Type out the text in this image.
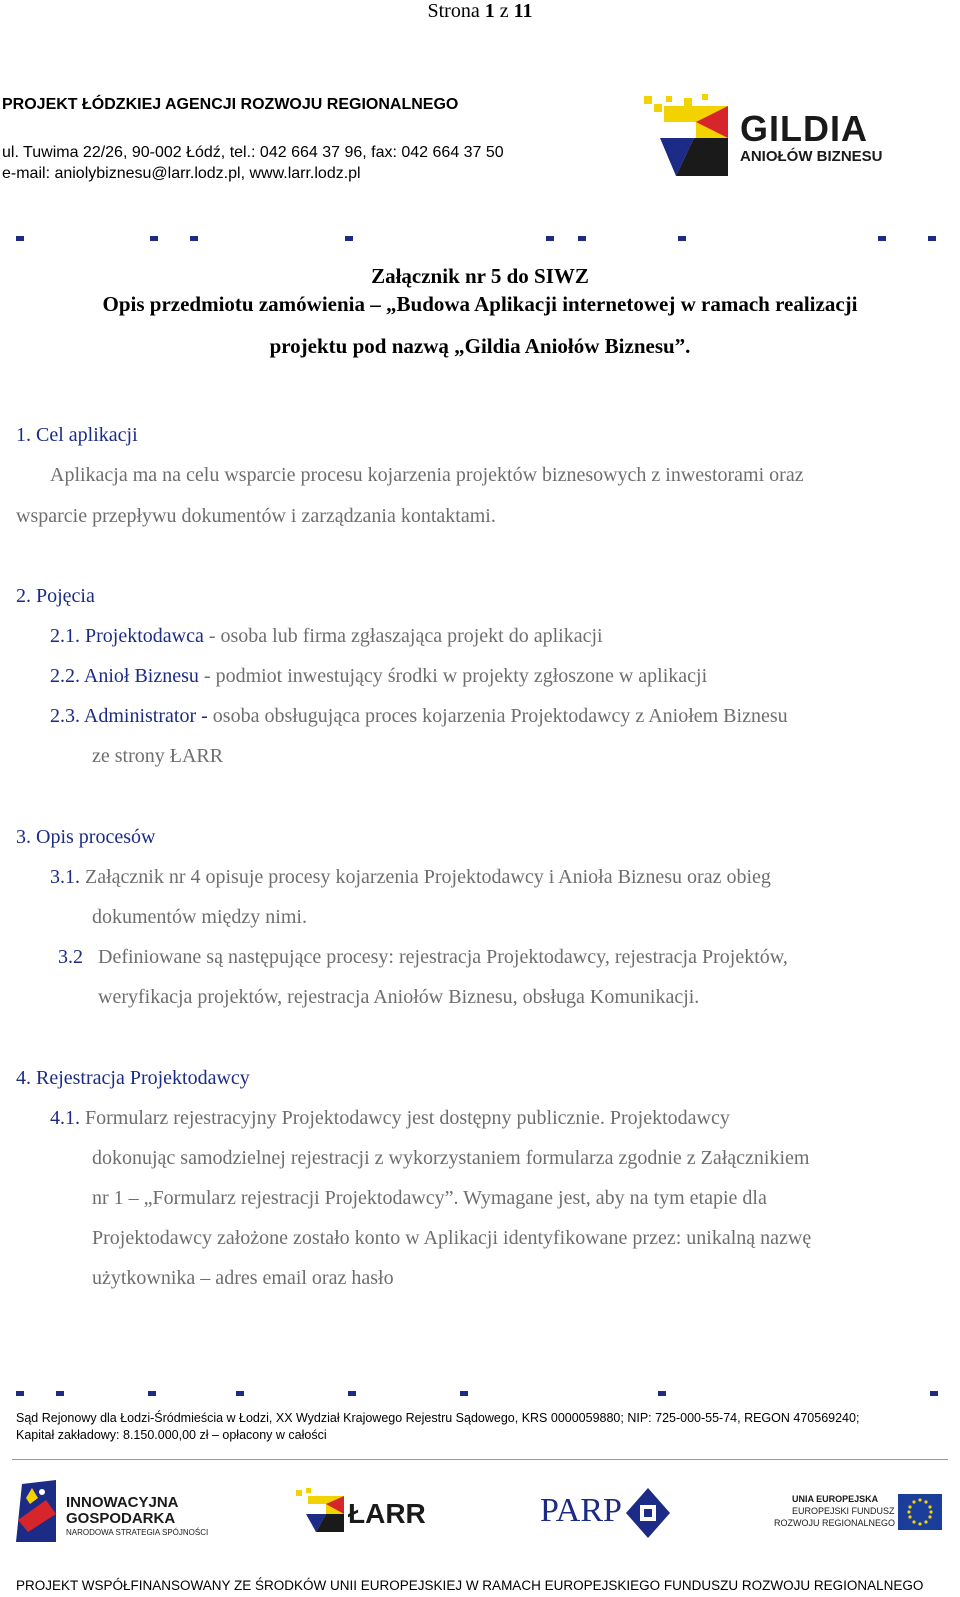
Strona 1 z 11
PROJEKT ŁÓDZKIEJ AGENCJI ROZWOJU REGIONALNEGO
ul. Tuwima 22/26, 90-002 Łódź, tel.: 042 664 37 96, fax: 042 664 37 50
e-mail: aniolybiznesu@larr.lodz.pl, www.larr.lodz.pl
GILDIA
ANIOŁÓW BIZNESU
Załącznik nr 5 do SIWZ
Opis przedmiotu zamówienia – „Budowa Aplikacji internetowej w ramach realizacji
projektu pod nazwą „Gildia Aniołów Biznesu”.
1. Cel aplikacji
Aplikacja ma na celu wsparcie procesu kojarzenia projektów biznesowych z inwestorami oraz
wsparcie przepływu dokumentów i zarządzania kontaktami.
2. Pojęcia
2.1. Projektodawca - osoba lub firma zgłaszająca projekt do aplikacji
2.2. Anioł Biznesu - podmiot inwestujący środki w projekty zgłoszone w aplikacji
2.3. Administrator - osoba obsługująca proces kojarzenia Projektodawcy z Aniołem Biznesu
ze strony ŁARR
3. Opis procesów
3.1. Załącznik nr 4 opisuje procesy kojarzenia Projektodawcy i Anioła Biznesu oraz obieg
dokumentów między nimi.
3.2 Definiowane są następujące procesy: rejestracja Projektodawcy, rejestracja Projektów,
weryfikacja projektów, rejestracja Aniołów Biznesu, obsługa Komunikacji.
4. Rejestracja Projektodawcy
4.1. Formularz rejestracyjny Projektodawcy jest dostępny publicznie. Projektodawcy
dokonując samodzielnej rejestracji z wykorzystaniem formularza zgodnie z Załącznikiem
nr 1 – „Formularz rejestracji Projektodawcy”. Wymagane jest, aby na tym etapie dla
Projektodawcy założone zostało konto w Aplikacji identyfikowane przez: unikalną nazwę
użytkownika – adres email oraz hasło
Sąd Rejonowy dla Łodzi-Śródmieścia w Łodzi, XX Wydział Krajowego Rejestru Sądowego, KRS 0000059880; NIP: 725-000-55-74, REGON 470569240;
Kapitał zakładowy: 8.150.000,00 zł – opłacony w całości
INNOWACYJNA
GOSPODARKA
NARODOWA STRATEGIA SPÓJNOŚCI
ŁARR	PARP	UNIA EUROPEJSKA
EUROPEJSKI FUNDUSZ
ROZWOJU REGIONALNEGO
PROJEKT WSPÓŁFINANSOWANY ZE ŚRODKÓW UNII EUROPEJSKIEJ W RAMACH EUROPEJSKIEGO FUNDUSZU ROZWOJU REGIONALNEGO
